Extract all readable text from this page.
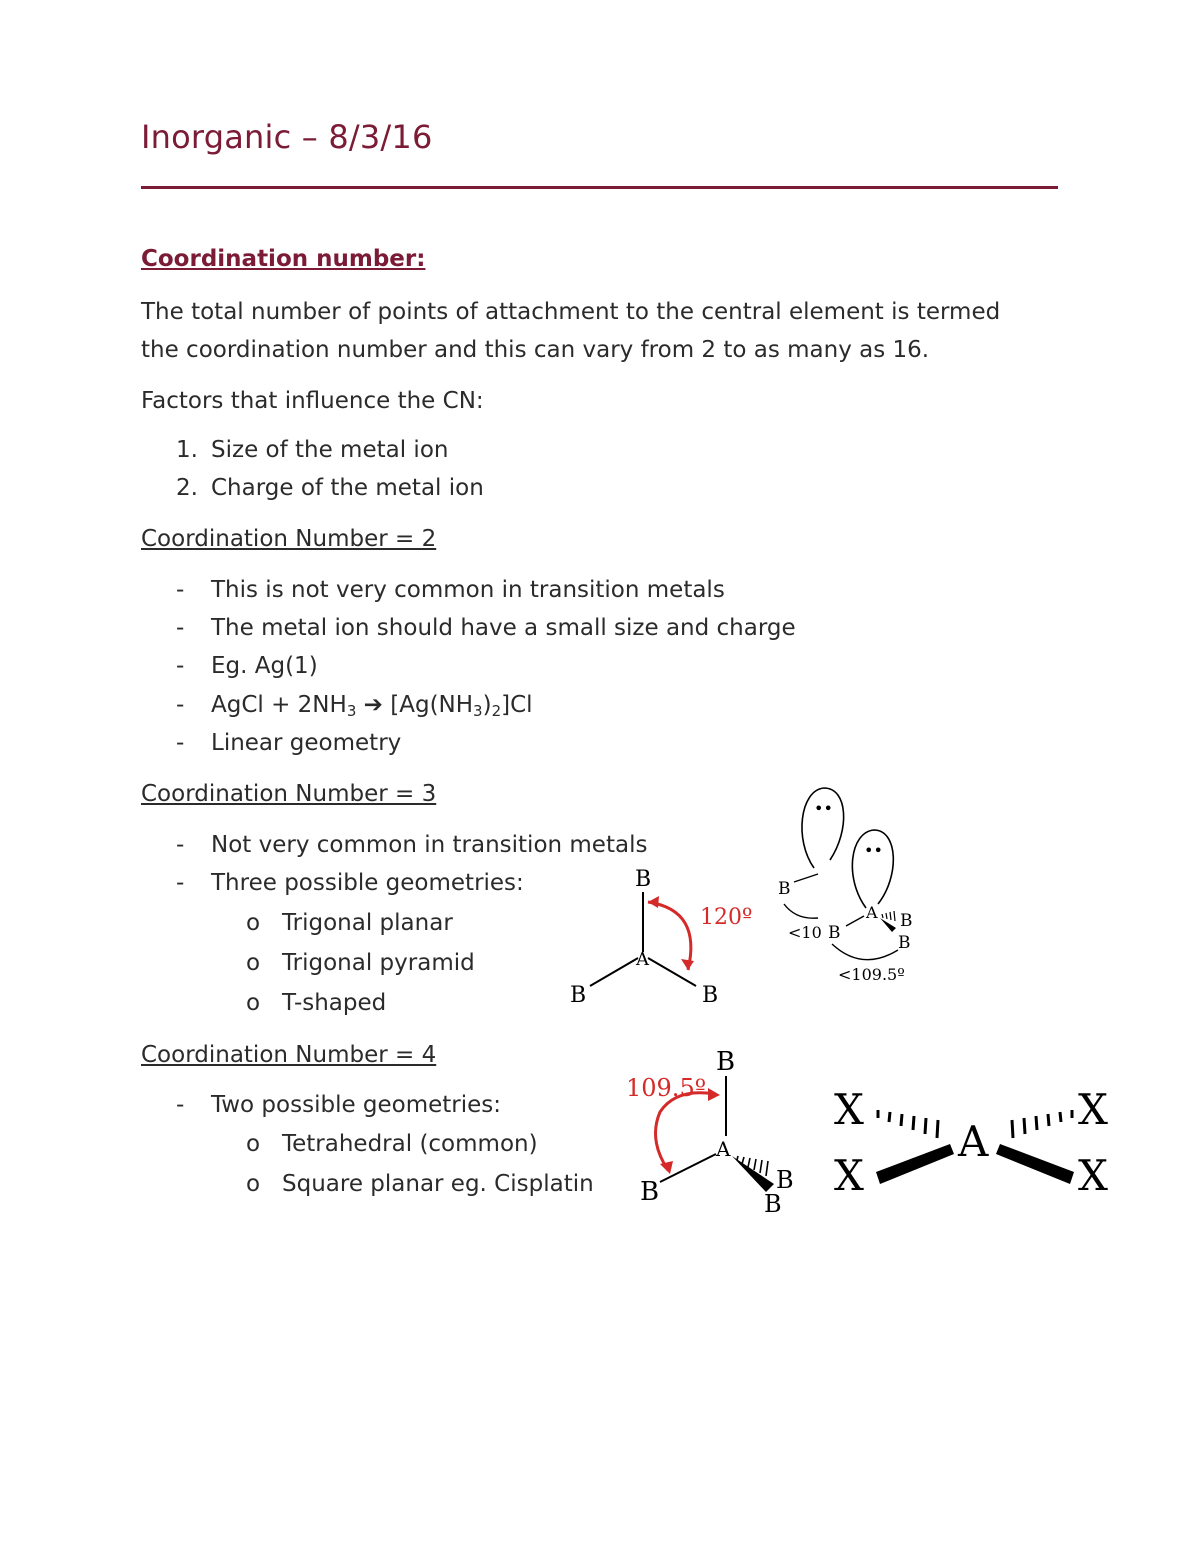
Inorganic – 8/3/16
Coordination number:
The total number of points of attachment to the central element is termed
the coordination number and this can vary from 2 to as many as 16.
Factors that influence the CN:
1. Size of the metal ion
2. Charge of the metal ion
Coordination Number = 2
- This is not very common in transition metals
- The metal ion should have a small size and charge
- Eg. Ag(1)
- AgCl + $2NH_3$ ➔ $[Ag(NH_3)_2]Cl$
- Linear geometry
Coordination Number = 3
- Not very common in transition metals
- Three possible geometries:
o Trigonal planar
o Trigonal pyramid
o T-shaped
Coordination Number = 4
- Two possible geometries:
o Tetrahedral (common)
o Square planar eg. Cisplatin
B
A
B	B
120º
••
B
<10
••
A
B
B
B
<109.5º
B
A
B	B
B
109.5º	X	X
X	X
A
